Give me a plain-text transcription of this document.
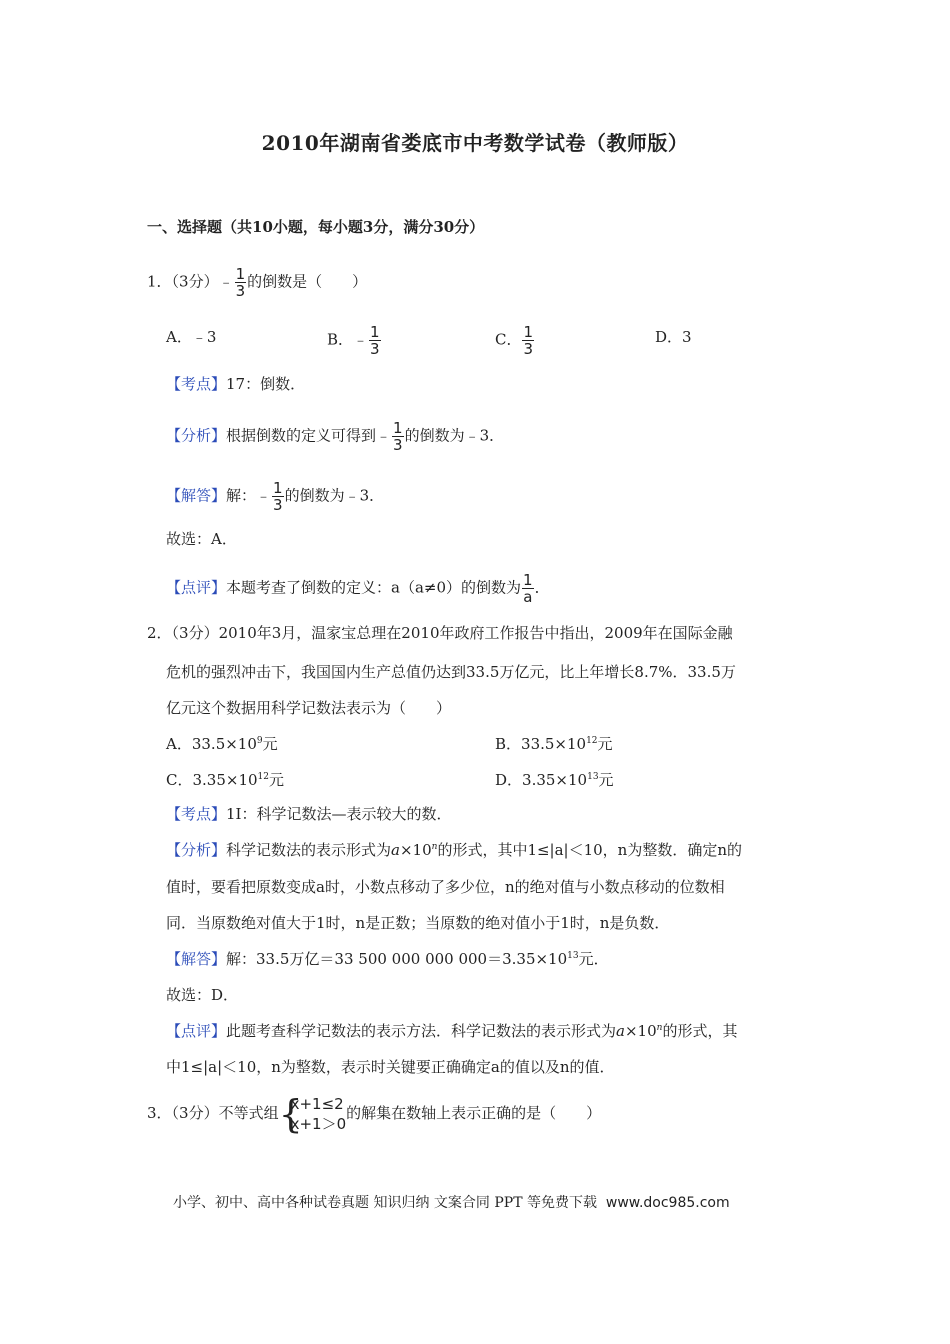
2010年湖南省娄底市中考数学试卷（教师版）
一、选择题（共10小题，每小题3分，满分30分）
1．（3分）﹣ $\frac{1}{3}$ 的倒数是（　　）
A．﹣3	B．﹣ $\frac{1}{3}$	C． $\frac{1}{3}$	D．3
【考点】17：倒数．
【分析】根据倒数的定义可得到﹣ $\frac{1}{3}$ 的倒数为﹣3．
【解答】解：﹣ $\frac{1}{3}$ 的倒数为﹣3．
故选：A．
【点评】本题考查了倒数的定义：a（a≠0）的倒数为 $\frac{1}{a}$ ．
2．（3分）2010年3月，温家宝总理在2010年政府工作报告中指出，2009年在国际金融
危机的强烈冲击下，我国国内生产总值仍达到33.5万亿元，比上年增长8.7%．33.5万
亿元这个数据用科学记数法表示为（　　）
A．$33.5\times 10^9$元	B．$33.5\times 10^{12}$元
C．$3.35\times 10^{12}$元	D．$3.35\times 10^{13}$元
【考点】1I：科学记数法—表示较大的数．
【分析】科学记数法的表示形式为$a\times 10^n$的形式，其中1≤|a|＜10，n为整数．确定n的
值时，要看把原数变成a时，小数点移动了多少位，n的绝对值与小数点移动的位数相
同．当原数绝对值大于1时，n是正数；当原数的绝对值小于1时，n是负数．
【解答】解：33.5万亿＝33 500 000 000 $000=3.35\times 10^{13}$元．
故选：D．
【点评】此题考查科学记数法的表示方法．科学记数法的表示形式为$a\times 10^n$的形式，其
中1≤|a|＜10，n为整数，表示时关键要正确确定a的值以及n的值．
3．（3分）不等式组 {
x+1≤2
x+1＞0
的解集在数轴上表示正确的是（　　）
小学、初中、高中各种试卷真题 知识归纳 文案合同 PPT 等免费下载 www.doc985.com
